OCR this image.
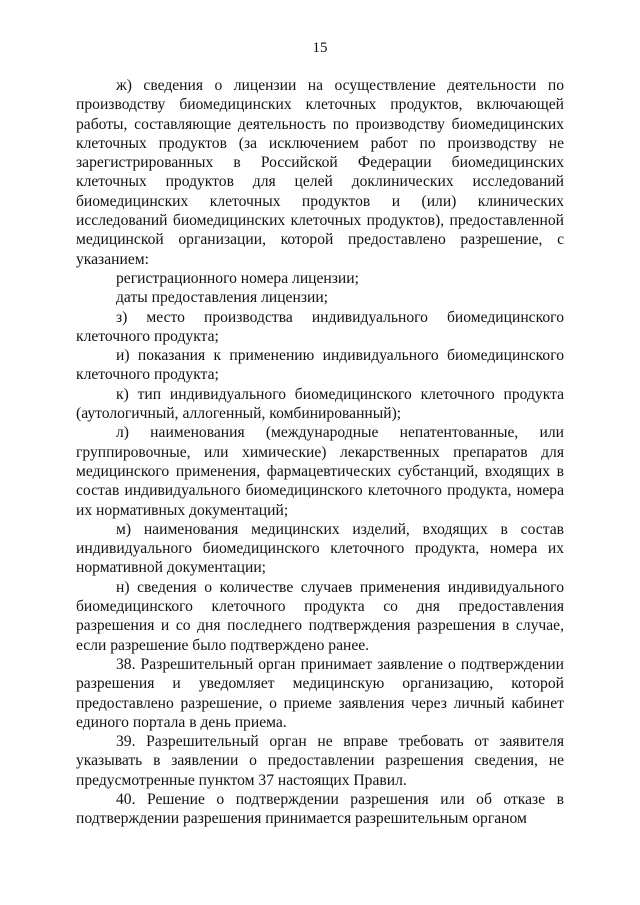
15

ж) сведения о лицензии на осуществление деятельности по производству биомедицинских клеточных продуктов, включающей работы, составляющие деятельность по производству биомедицинских клеточных продуктов (за исключением работ по производству не зарегистрированных в Российской Федерации биомедицинских клеточных продуктов для целей доклинических исследований биомедицинских клеточных продуктов и (или) клинических исследований биомедицинских клеточных продуктов), предоставленной медицинской организации, которой предоставлено разрешение, с указанием:

регистрационного номера лицензии;

даты предоставления лицензии;

з) место производства индивидуального биомедицинского клеточного продукта;

и) показания к применению индивидуального биомедицинского клеточного продукта;

к) тип индивидуального биомедицинского клеточного продукта (аутологичный, аллогенный, комбинированный);

л) наименования (международные непатентованные, или группировочные, или химические) лекарственных препаратов для медицинского применения, фармацевтических субстанций, входящих в состав индивидуального биомедицинского клеточного продукта, номера их нормативных документаций;

м) наименования медицинских изделий, входящих в состав индивидуального биомедицинского клеточного продукта, номера их нормативной документации;

н) сведения о количестве случаев применения индивидуального биомедицинского клеточного продукта со дня предоставления разрешения и со дня последнего подтверждения разрешения в случае, если разрешение было подтверждено ранее.

38. Разрешительный орган принимает заявление о подтверждении разрешения и уведомляет медицинскую организацию, которой предоставлено разрешение, о приеме заявления через личный кабинет единого портала в день приема.

39. Разрешительный орган не вправе требовать от заявителя указывать в заявлении о предоставлении разрешения сведения, не предусмотренные пунктом 37 настоящих Правил.

40. Решение о подтверждении разрешения или об отказе в подтверждении разрешения принимается разрешительным органом
